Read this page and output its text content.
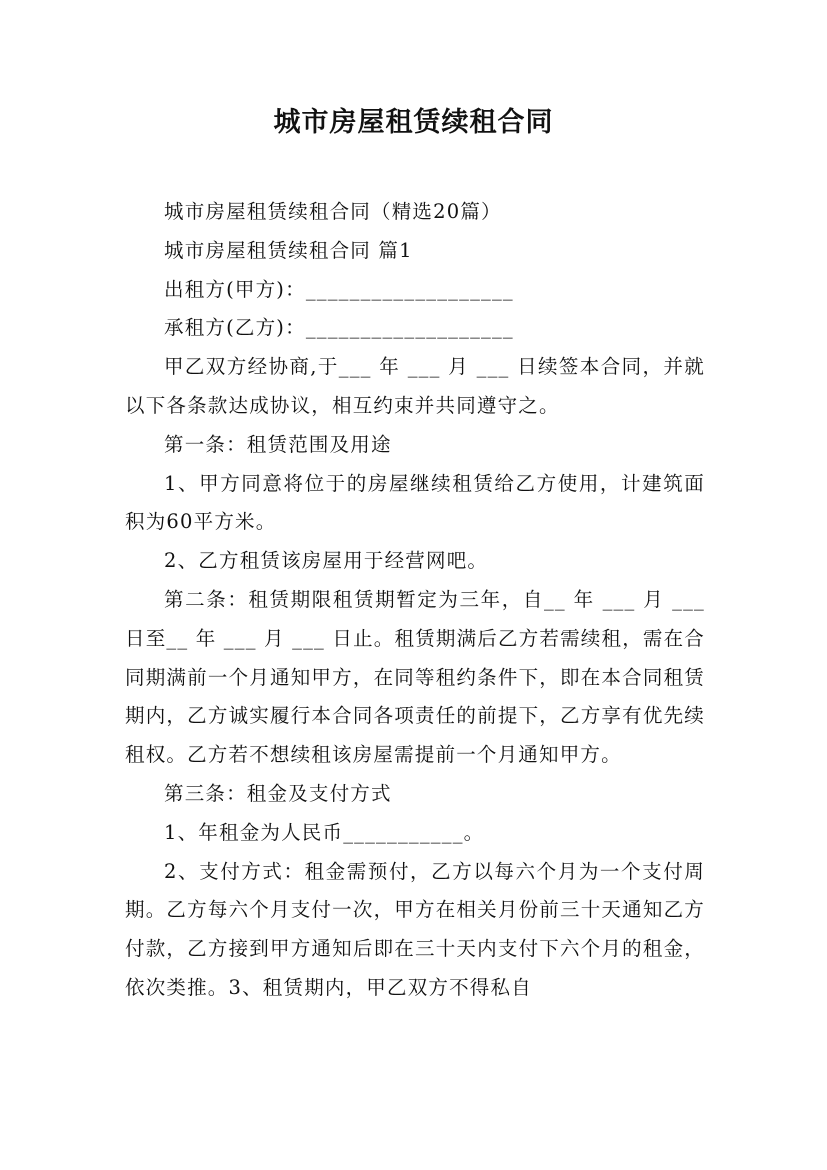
城市房屋租赁续租合同

城市房屋租赁续租合同（精选20篇）

城市房屋租赁续租合同 篇1

出租方(甲方)：___________________

承租方(乙方)：___________________

甲乙双方经协商,于___ 年 ___ 月 ___ 日续签本合同，并就以下各条款达成协议，相互约束并共同遵守之。

第一条：租赁范围及用途

1、甲方同意将位于的房屋继续租赁给乙方使用，计建筑面积为60平方米。

2、乙方租赁该房屋用于经营网吧。

第二条：租赁期限租赁期暂定为三年，自__ 年 ___ 月 ___ 日至__ 年 ___ 月 ___ 日止。租赁期满后乙方若需续租，需在合同期满前一个月通知甲方，在同等租约条件下，即在本合同租赁期内，乙方诚实履行本合同各项责任的前提下，乙方享有优先续租权。乙方若不想续租该房屋需提前一个月通知甲方。

第三条：租金及支付方式

1、年租金为人民币___________。

2、支付方式：租金需预付，乙方以每六个月为一个支付周期。乙方每六个月支付一次，甲方在相关月份前三十天通知乙方付款，乙方接到甲方通知后即在三十天内支付下六个月的租金，依次类推。3、租赁期内，甲乙双方不得私自
